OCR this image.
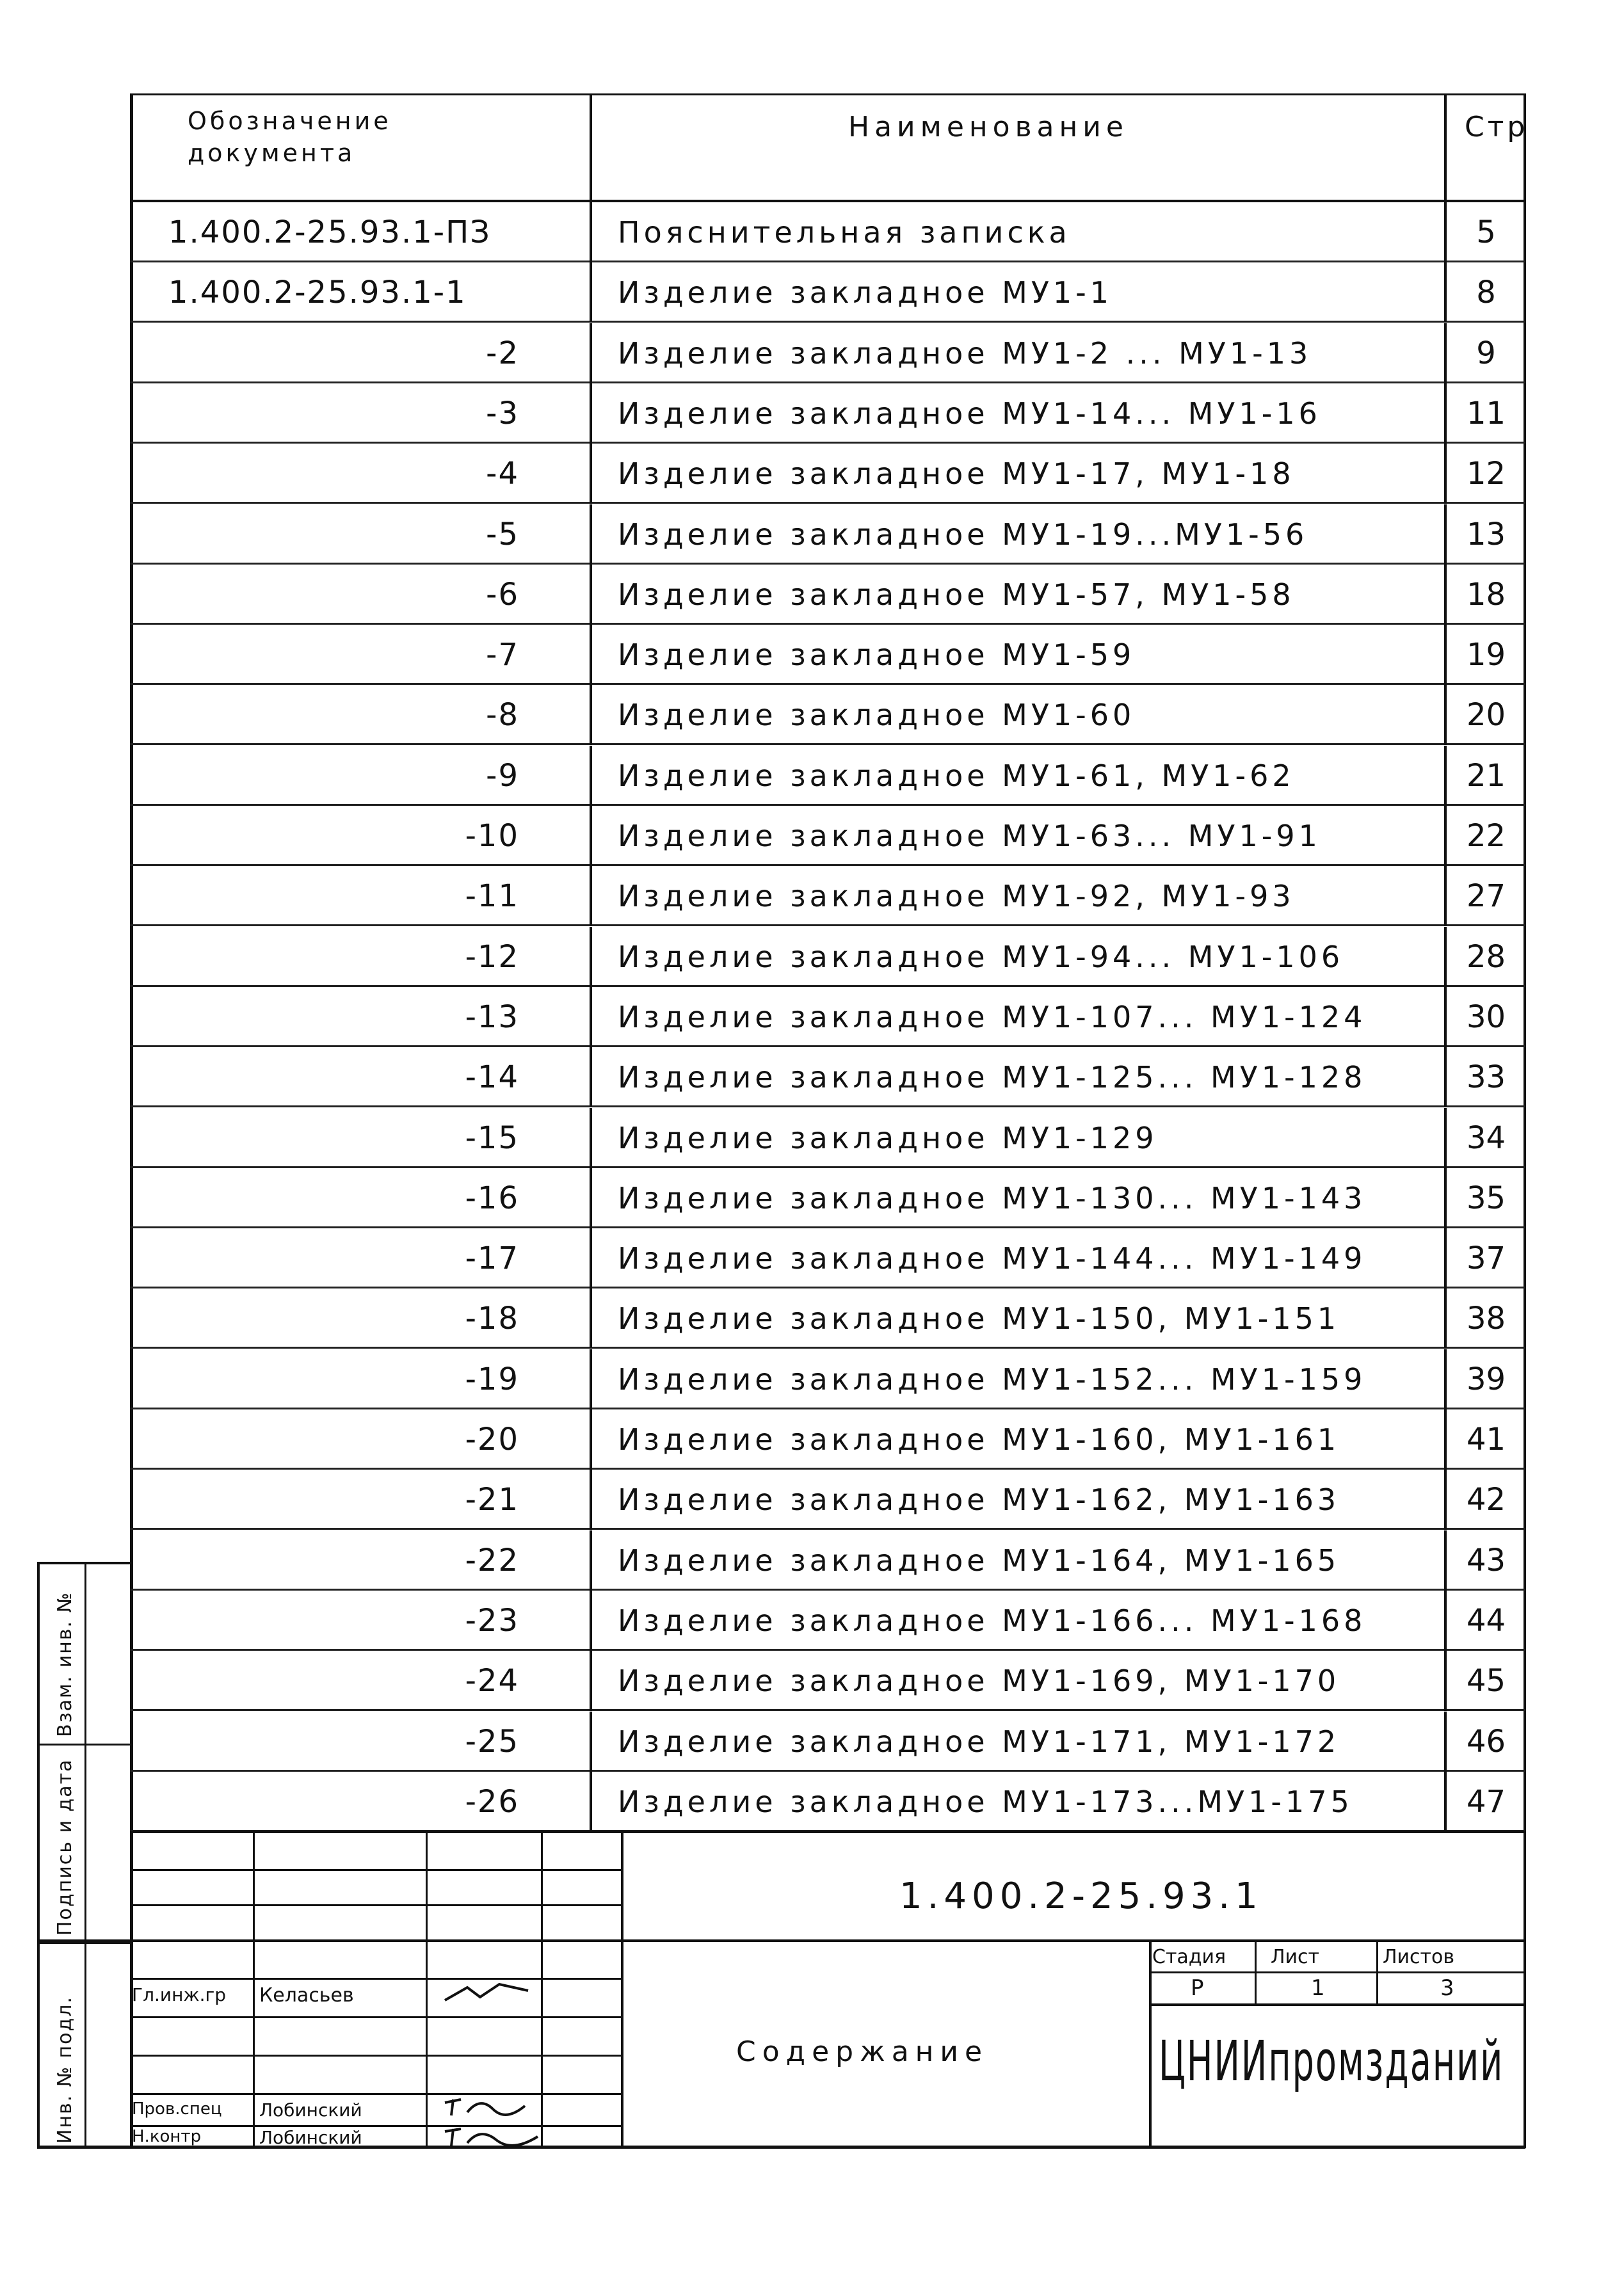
Обозначение
документа
Наименование	Стр
1.400.2-25.93.1-ПЗ	Пояснительная записка	5
1.400.2-25.93.1-1	Изделие закладное МУ1-1	8
-2	Изделие закладное МУ1-2 ... МУ1-13	9
-3	Изделие закладное МУ1-14... МУ1-16	11
-4	Изделие закладное МУ1-17, МУ1-18	12
-5	Изделие закладное МУ1-19...МУ1-56	13
-6	Изделие закладное МУ1-57, МУ1-58	18
-7	Изделие закладное МУ1-59	19
-8	Изделие закладное МУ1-60	20
-9	Изделие закладное МУ1-61, МУ1-62	21
-10	Изделие закладное МУ1-63... МУ1-91	22
-11	Изделие закладное МУ1-92, МУ1-93	27
-12	Изделие закладное МУ1-94... МУ1-106	28
-13	Изделие закладное МУ1-107... МУ1-124	30
-14	Изделие закладное МУ1-125... МУ1-128	33
-15	Изделие закладное МУ1-129	34
-16	Изделие закладное МУ1-130... МУ1-143	35
-17	Изделие закладное МУ1-144... МУ1-149	37
-18	Изделие закладное МУ1-150, МУ1-151	38
-19	Изделие закладное МУ1-152... МУ1-159	39
-20	Изделие закладное МУ1-160, МУ1-161	41
-21	Изделие закладное МУ1-162, МУ1-163	42
-22	Изделие закладное МУ1-164, МУ1-165	43
-23	Изделие закладное МУ1-166... МУ1-168	44
-24	Изделие закладное МУ1-169, МУ1-170	45
-25	Изделие закладное МУ1-171, МУ1-172	46
-26	Изделие закладное МУ1-173...МУ1-175	47
1.400.2-25.93.1
Содержание
Стадия Лист	Листов
Р	1	3
ЦНИИпромзданий
Гл.инж.гр Келасьев
Пров.спец Лобинский
Н.контр	Лобинский
Взам. инв. №
Подпись и дата
Инв. № подл.
